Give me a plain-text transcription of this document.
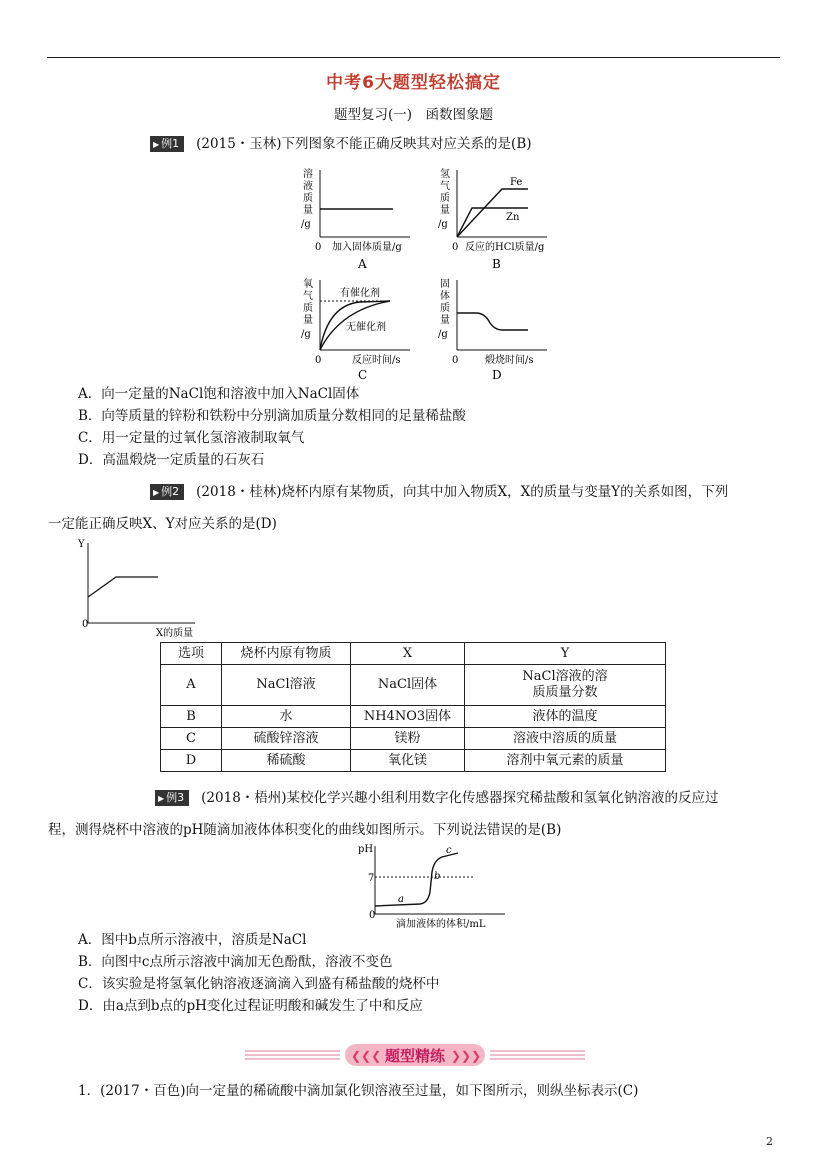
中考6大题型轻松搞定
题型复习(一)　函数图象题
▶ 例1 (2015・玉林)下列图象不能正确反映其对应关系的是(B)
溶
液
质
量
/g
0 加入固体质量/g
A
氢
气
质
量
/g
Fe
Zn
0 反应的HCl质量/g
B
氧
气
质
量
/g
有催化剂
无催化剂
0	反应时间/s
C
固
体
质
量
/g
0	煅烧时间/s
D
A．向一定量的NaCl饱和溶液中加入NaCl固体
B．向等质量的锌粉和铁粉中分别滴加质量分数相同的足量稀盐酸
C．用一定量的过氧化氢溶液制取氧气
D．高温煅烧一定质量的石灰石
▶ 例2 (2018・桂林)烧杯内原有某物质，向其中加入物质X，X的质量与变量Y的关系如图，下列
一定能正确反映X、Y对应关系的是(D)
Y
0
X的质量
选项	烧杯内原有物质	X	Y
A	NaCl溶液	NaCl固体	NaCl溶液的溶
质质量分数
B	水	NH4NO3固体	液体的温度
C	硫酸锌溶液	镁粉	溶液中溶质的质量
D	稀硫酸	氧化镁	溶剂中氧元素的质量
▶ 例3 (2018・梧州)某校化学兴趣小组利用数字化传感器探究稀盐酸和氢氧化钠溶液的反应过
程，测得烧杯中溶液的pH随滴加液体体积变化的曲线如图所示。下列说法错误的是(B)
pH
7
a
b
c
0
滴加液体的体积/mL
A．图中b点所示溶液中，溶质是NaCl
B．向图中c点所示溶液中滴加无色酚酞，溶液不变色
C．该实验是将氢氧化钠溶液逐滴滴入到盛有稀盐酸的烧杯中
D．由a点到b点的pH变化过程证明酸和碱发生了中和反应
❮❮❮	❯❯❯
题型精练
1．(2017・百色)向一定量的稀硫酸中滴加氯化钡溶液至过量，如下图所示，则纵坐标表示(C)
2
